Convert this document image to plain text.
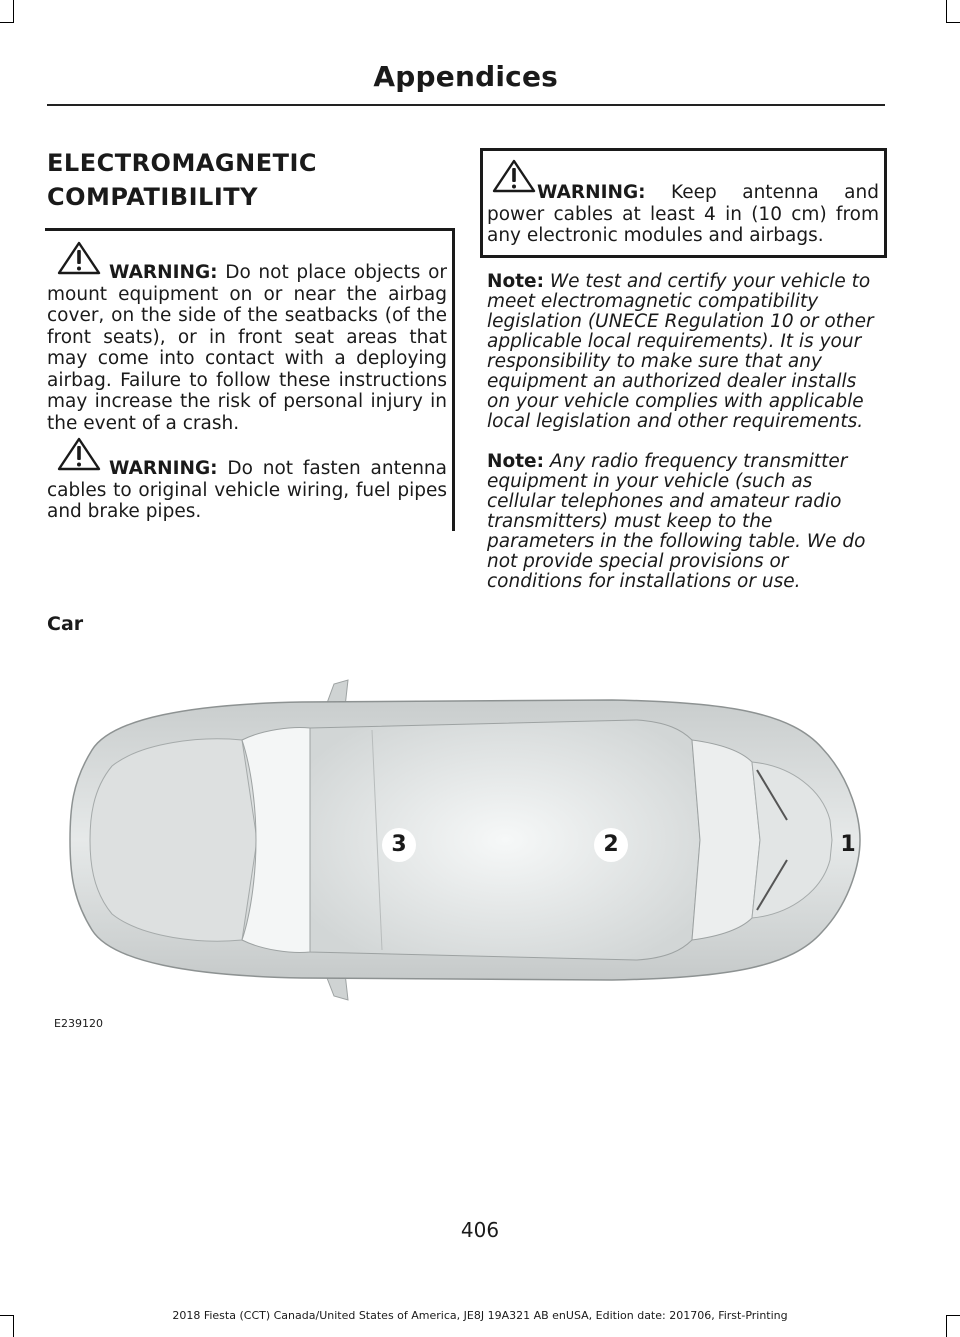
Appendices
ELECTROMAGNETIC
COMPATIBILITY
WARNING: Do not place objects or mount equipment on or near the airbag cover, on the side of the seatbacks (of the front seats), or in front seat areas that may come into contact with a deploying airbag. Failure to follow these instructions may increase the risk of personal injury in the event of a crash.
WARNING: Do not fasten antenna cables to original vehicle wiring, fuel pipes and brake pipes.
WARNING: Keep antenna and power cables at least 4 in (10 cm) from any electronic modules and airbags.
Note: We test and certify your vehicle to meet electromagnetic compatibility legislation (UNECE Regulation 10 or other applicable local requirements). It is your responsibility to make sure that any equipment an authorized dealer installs on your vehicle complies with applicable local legislation and other requirements.
Note: Any radio frequency transmitter equipment in your vehicle (such as cellular telephones and amateur radio transmitters) must keep to the parameters in the following table. We do not provide special provisions or conditions for installations or use.
Car
3	2	1
E239120
406
2018 Fiesta (CCT) Canada/United States of America, JE8J 19A321 AB enUSA, Edition date: 201706, First-Printing
